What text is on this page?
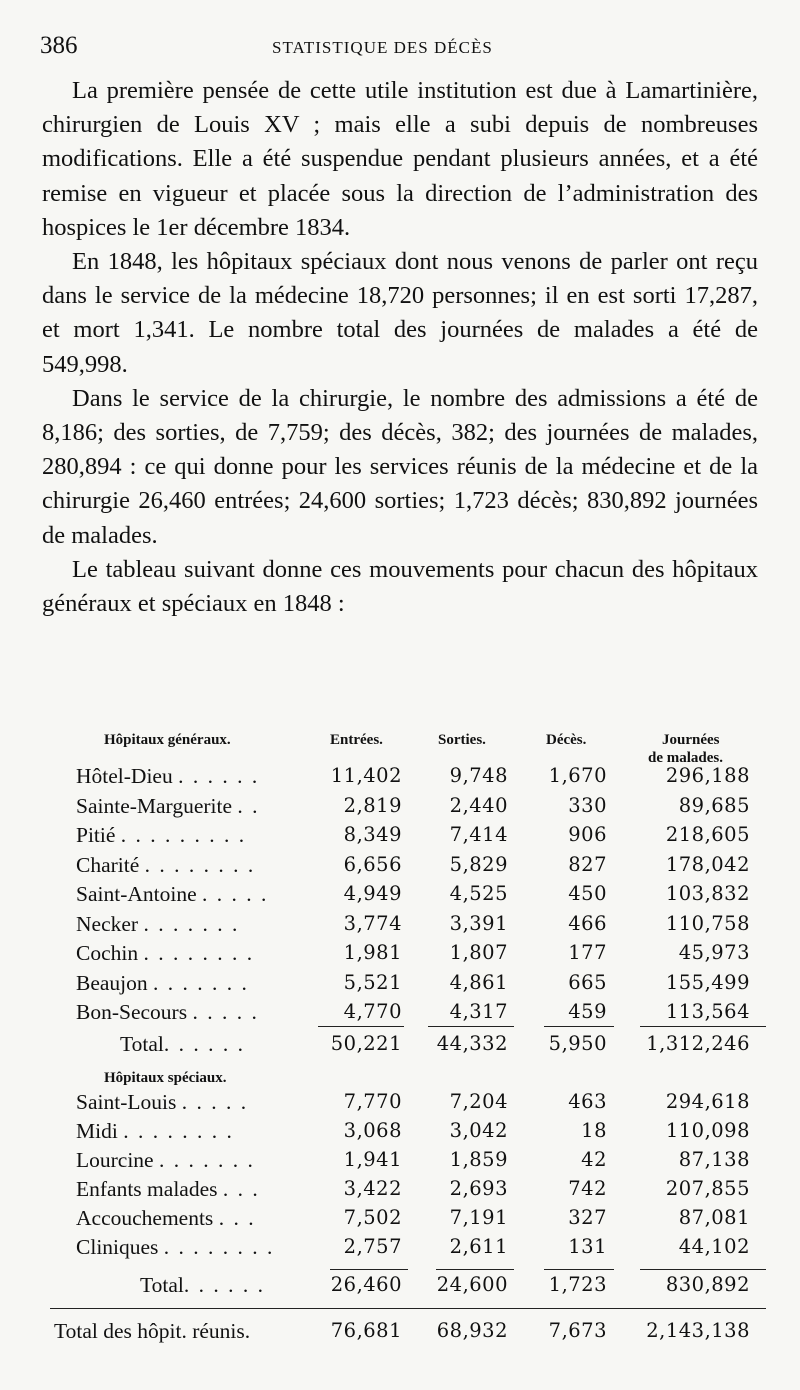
386	STATISTIQUE DES DÉCÈS

La première pensée de cette utile institution est due à Lamartinière, chirurgien de Louis XV ; mais elle a subi depuis de nombreuses modifications. Elle a été suspendue pendant plusieurs années, et a été remise en vigueur et placée sous la direction de l’administration des hospices le 1er décembre 1834.

En 1848, les hôpitaux spéciaux dont nous venons de parler ont reçu dans le service de la médecine 18,720 personnes; il en est sorti 17,287, et mort 1,341. Le nombre total des journées de malades a été de 549,998.

Dans le service de la chirurgie, le nombre des admissions a été de 8,186; des sorties, de 7,759; des décès, 382; des journées de malades, 280,894 : ce qui donne pour les services réunis de la médecine et de la chirurgie 26,460 entrées; 24,600 sorties; 1,723 décès; 830,892 journées de malades.

Le tableau suivant donne ces mouvements pour chacun des hôpitaux généraux et spéciaux en 1848 :

Hôpitaux généraux.	Entrées.	Sorties.	Décès.	Journées
de malades.
Hôtel-Dieu . . . . . .	11,402	9,748	1,670	296,188
Sainte-Marguerite . .	2,819	2,440	330	89,685
Pitié . . . . . . . . .	8,349	7,414	906	218,605
Charité . . . . . . . .	6,656	5,829	827	178,042
Saint-Antoine . . . . .	4,949	4,525	450	103,832
Necker . . . . . . .	3,774	3,391	466	110,758
Cochin . . . . . . . .	1,981	1,807	177	45,973
Beaujon . . . . . . .	5,521	4,861	665	155,499
Bon-Secours . . . . .	4,770	4,317	459	113,564
Total. . . . . .	50,221	44,332	5,950	1,312,246
Hôpitaux spéciaux.
Saint-Louis . . . . .	7,770	7,204	463	294,618
Midi . . . . . . . .	3,068	3,042	18	110,098
Lourcine . . . . . . .	1,941	1,859	42	87,138
Enfants malades . . .	3,422	2,693	742	207,855
Accouchements . . .	7,502	7,191	327	87,081
Cliniques . . . . . . . .	2,757	2,611	131	44,102
Total. . . . . .	26,460	24,600	1,723	830,892
Total des hôpit. réunis.	76,681	68,932	7,673	2,143,138
